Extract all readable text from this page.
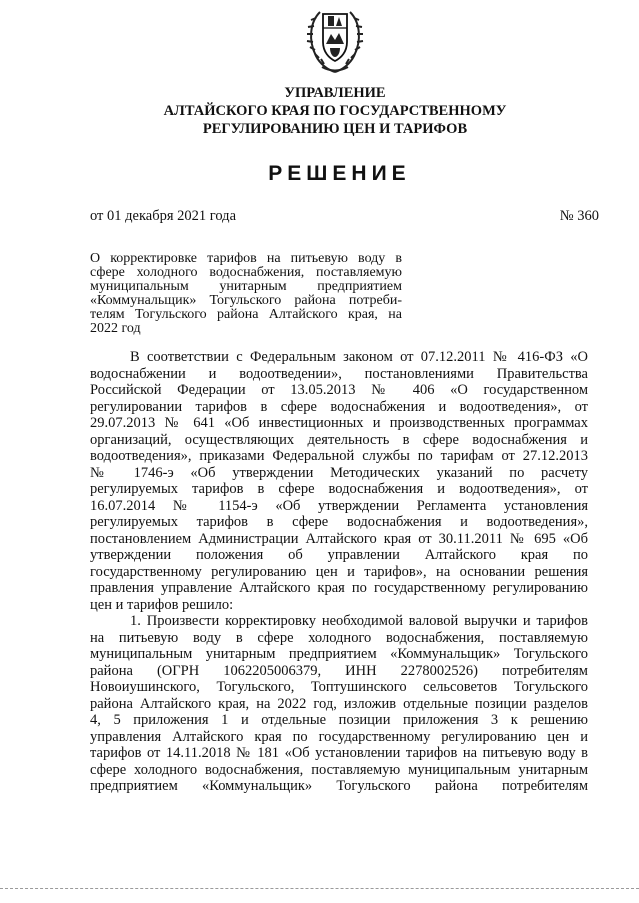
УПРАВЛЕНИЕ
АЛТАЙСКОГО КРАЯ ПО ГОСУДАРСТВЕННОМУ
РЕГУЛИРОВАНИЮ ЦЕН И ТАРИФОВ
РЕШЕНИЕ
от 01 декабря 2021 года	№ 360
О корректировке тарифов на питьевую воду в
сфере холодного водоснабжения, поставляемую
муниципальным унитарным предприятием
«Коммунальщик» Тогульского района потреби-
телям Тогульского района Алтайского края, на
2022 год
В соответствии с Федеральным законом от 07.12.2011 № 416-ФЗ «О
водоснабжении и водоотведении», постановлениями Правительства
Российской Федерации от 13.05.2013 № 406 «О государственном
регулировании тарифов в сфере водоснабжения и водоотведения», от
29.07.2013 № 641 «Об инвестиционных и производственных программах
организаций, осуществляющих деятельность в сфере водоснабжения и
водоотведения», приказами Федеральной службы по тарифам от 27.12.2013
№ 1746-э «Об утверждении Методических указаний по расчету
регулируемых тарифов в сфере водоснабжения и водоотведения», от
16.07.2014 № 1154-э «Об утверждении Регламента установления
регулируемых тарифов в сфере водоснабжения и водоотведения»,
постановлением Администрации Алтайского края от 30.11.2011 № 695 «Об
утверждении положения об управлении Алтайского края по
государственному регулированию цен и тарифов», на основании решения
правления управление Алтайского края по государственному регулированию
цен и тарифов решило:
1. Произвести корректировку необходимой валовой выручки и тарифов
на питьевую воду в сфере холодного водоснабжения, поставляемую
муниципальным унитарным предприятием «Коммунальщик» Тогульского
района (ОГРН 1062205006379, ИНН 2278002526) потребителям
Новоиушинского, Тогульского, Топтушинского сельсоветов Тогульского
района Алтайского края, на 2022 год, изложив отдельные позиции разделов
4, 5 приложения 1 и отдельные позиции приложения 3 к решению
управления Алтайского края по государственному регулированию цен и
тарифов от 14.11.2018 № 181 «Об установлении тарифов на питьевую воду в
сфере холодного водоснабжения, поставляемую муниципальным унитарным
предприятием «Коммунальщик» Тогульского района потребителям
